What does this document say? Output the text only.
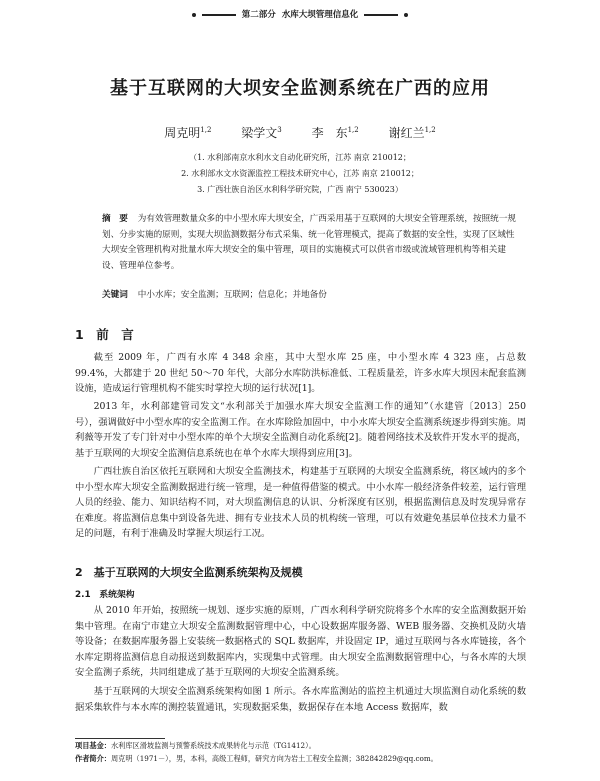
第二部分 水库大坝管理信息化
基于互联网的大坝安全监测系统在广西的应用
周克明$^{1,2}$ 梁学文$^3$ 李　东$^{1,2}$ 谢红兰$^{1,2}$
（1. 水利部南京水利水文自动化研究所，江苏 南京 210012；
2. 水利部水文水资源监控工程技术研究中心，江苏 南京 210012；
3. 广西壮族自治区水利科学研究院，广西 南宁 530023）
摘　要 为有效管理数量众多的中小型水库大坝安全，广西采用基于互联网的大坝安全管理系统，按照统一规划、分步实施的原则，实现大坝监测数据分布式采集、统一化管理模式，提高了数据的安全性，实现了区域性大坝安全管理机构对批量水库大坝安全的集中管理，项目的实施模式可以供省市级或流域管理机构等相关建设、管理单位参考。
关键词 中小水库；安全监测；互联网；信息化；并地备份
1　前　言

截至 2009 年，广西有水库 4 348 余座，其中大型水库 25 座，中小型水库 4 323 座，占总数 99.4%，大都建于 20 世纪 50～70 年代，大部分水库防洪标准低、工程质量差，许多水库大坝因未配套监测设施，造成运行管理机构不能实时掌控大坝的运行状况[1]。

2013 年，水利部建管司发文“水利部关于加强水库大坝安全监测工作的通知”（水建管〔2013〕250 号），强调做好中小型水库的安全监测工作。在水库除险加固中，中小水库大坝安全监测系统逐步得到实施。周利薇等开发了专门针对中小型水库的单个大坝安全监测自动化系统[2]。随着网络技术及软件开发水平的提高，基于互联网的大坝安全监测信息系统也在单个水库大坝得到应用[3]。

广西壮族自治区依托互联网和大坝安全监测技术，构建基于互联网的大坝安全监测系统，将区域内的多个中小型水库大坝安全监测数据进行统一管理，是一种值得借鉴的模式。中小水库一般经济条件较差，运行管理人员的经验、能力、知识结构不同，对大坝监测信息的认识、分析深度有区别，根据监测信息及时发现异常存在难度。将监测信息集中到设备先进、拥有专业技术人员的机构统一管理，可以有效避免基层单位技术力量不足的问题，有利于准确及时掌握大坝运行工况。

2　基于互联网的大坝安全监测系统架构及规模
2.1　系统架构

从 2010 年开始，按照统一规划、逐步实施的原则，广西水利科学研究院将多个水库的安全监测数据开始集中管理。在南宁市建立大坝安全监测数据管理中心，中心设数据库服务器、WEB 服务器、交换机及防火墙等设备；在数据库服务器上安装统一数据格式的 SQL 数据库，并设固定 IP，通过互联网与各水库链接，各个水库定期将监测信息自动报送到数据库内，实现集中式管理。由大坝安全监测数据管理中心，与各水库的大坝安全监测子系统，共同组建成了基于互联网的大坝安全监测系统。

基于互联网的大坝安全监测系统架构如图 1 所示。各水库监测站的监控主机通过大坝监测自动化系统的数据采集软件与本水库的测控装置通讯，实现数据采集，数据保存在本地 Access 数据库，数

项目基金：水利库区滑坡监测与预警系统技术成果转化与示范（TG1412）。
作者简介：周克明（1971－），男，本科，高级工程师，研究方向为岩土工程安全监测；382842829@qq.com。
